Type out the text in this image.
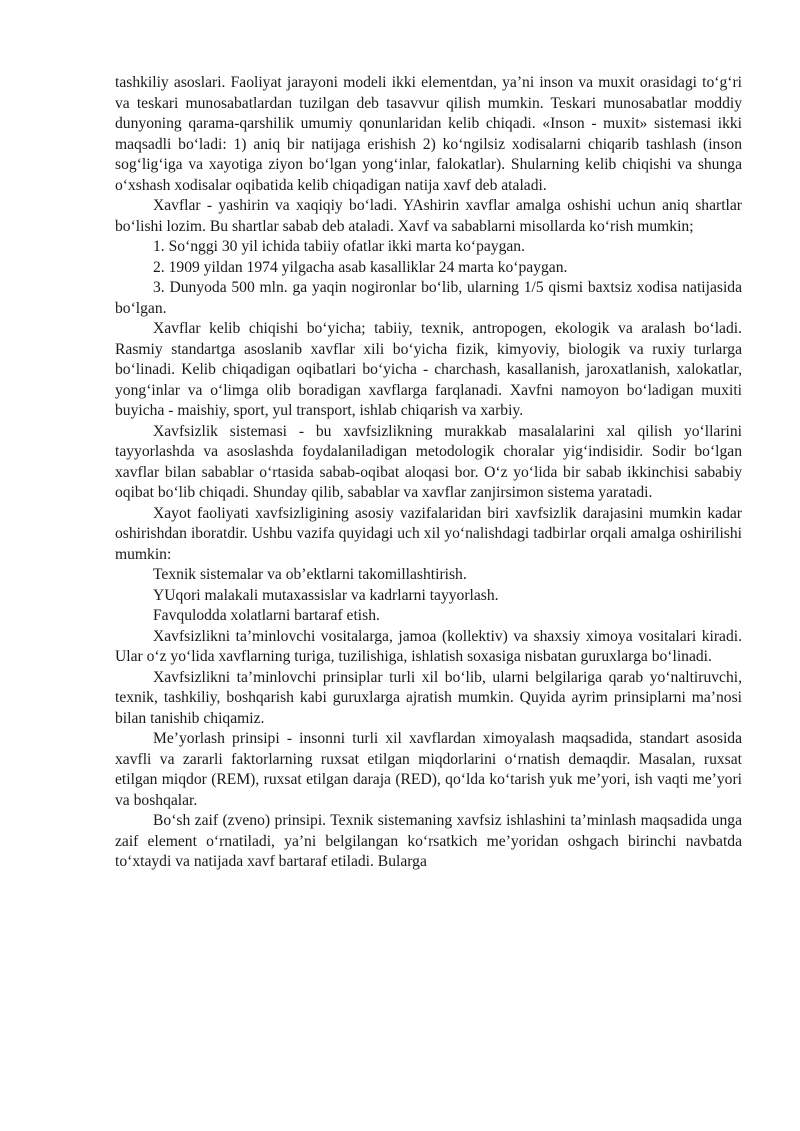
tashkiliy asoslari. Faoliyat jarayoni modeli ikki elementdan, ya’ni inson va muxit orasidagi to‘g‘ri va teskari munosabatlardan tuzilgan deb tasavvur qilish mumkin. Teskari munosabatlar moddiy dunyoning qarama-qarshilik umumiy qonunlaridan kelib chiqadi. «Inson - muxit» sistemasi ikki maqsadli bo‘ladi: 1) aniq bir natijaga erishish 2) ko‘ngilsiz xodisalarni chiqarib tashlash (inson sog‘lig‘iga va xayotiga ziyon bo‘lgan yong‘inlar, falokatlar). Shularning kelib chiqishi va shunga o‘xshash xodisalar oqibatida kelib chiqadigan natija xavf deb ataladi.

Xavflar - yashirin va xaqiqiy bo‘ladi. YAshirin xavflar amalga oshishi uchun aniq shartlar bo‘lishi lozim. Bu shartlar sabab deb ataladi. Xavf va sabablarni misollarda ko‘rish mumkin;

1. So‘nggi 30 yil ichida tabiiy ofatlar ikki marta ko‘paygan.

2. 1909 yildan 1974 yilgacha asab kasalliklar 24 marta ko‘paygan.

3. Dunyoda 500 mln. ga yaqin nogironlar bo‘lib, ularning 1/5 qismi baxtsiz xodisa natijasida bo‘lgan.

Xavflar kelib chiqishi bo‘yicha; tabiiy, texnik, antropogen, ekologik va aralash bo‘ladi. Rasmiy standartga asoslanib xavflar xili bo‘yicha fizik, kimyoviy, biologik va ruxiy turlarga bo‘linadi. Kelib chiqadigan oqibatlari bo‘yicha - charchash, kasallanish, jaroxatlanish, xalokatlar, yong‘inlar va o‘limga olib boradigan xavflarga farqlanadi. Xavfni namoyon bo‘ladigan muxiti buyicha - maishiy, sport, yul transport, ishlab chiqarish va xarbiy.

Xavfsizlik sistemasi - bu xavfsizlikning murakkab masalalarini xal qilish yo‘llarini tayyorlashda va asoslashda foydalaniladigan metodologik choralar yig‘indisidir. Sodir bo‘lgan xavflar bilan sabablar o‘rtasida sabab-oqibat aloqasi bor. O‘z yo‘lida bir sabab ikkinchisi sababiy oqibat bo‘lib chiqadi. Shunday qilib, sabablar va xavflar zanjirsimon sistema yaratadi.

Xayot faoliyati xavfsizligining asosiy vazifalaridan biri xavfsizlik darajasini mumkin kadar oshirishdan iboratdir. Ushbu vazifa quyidagi uch xil yo‘nalishdagi tadbirlar orqali amalga oshirilishi mumkin:

Texnik sistemalar va ob’ektlarni takomillashtirish.

YUqori malakali mutaxassislar va kadrlarni tayyorlash.

Favqulodda xolatlarni bartaraf etish.

Xavfsizlikni ta’minlovchi vositalarga, jamoa (kollektiv) va shaxsiy ximoya vositalari kiradi. Ular o‘z yo‘lida xavflarning turiga, tuzilishiga, ishlatish soxasiga nisbatan guruxlarga bo‘linadi.

Xavfsizlikni ta’minlovchi prinsiplar turli xil bo‘lib, ularni belgilariga qarab yo‘naltiruvchi, texnik, tashkiliy, boshqarish kabi guruxlarga ajratish mumkin. Quyida ayrim prinsiplarni ma’nosi bilan tanishib chiqamiz.

Me’yorlash prinsipi - insonni turli xil xavflardan ximoyalash maqsadida, standart asosida xavfli va zararli faktorlarning ruxsat etilgan miqdorlarini o‘rnatish demaqdir. Masalan, ruxsat etilgan miqdor (REM), ruxsat etilgan daraja (RED), qo‘lda ko‘tarish yuk me’yori, ish vaqti me’yori va boshqalar.

Bo‘sh zaif (zveno) prinsipi. Texnik sistemaning xavfsiz ishlashini ta’minlash maqsadida unga zaif element o‘rnatiladi, ya’ni belgilangan ko‘rsatkich me’yoridan oshgach birinchi navbatda to‘xtaydi va natijada xavf bartaraf etiladi. Bularga
